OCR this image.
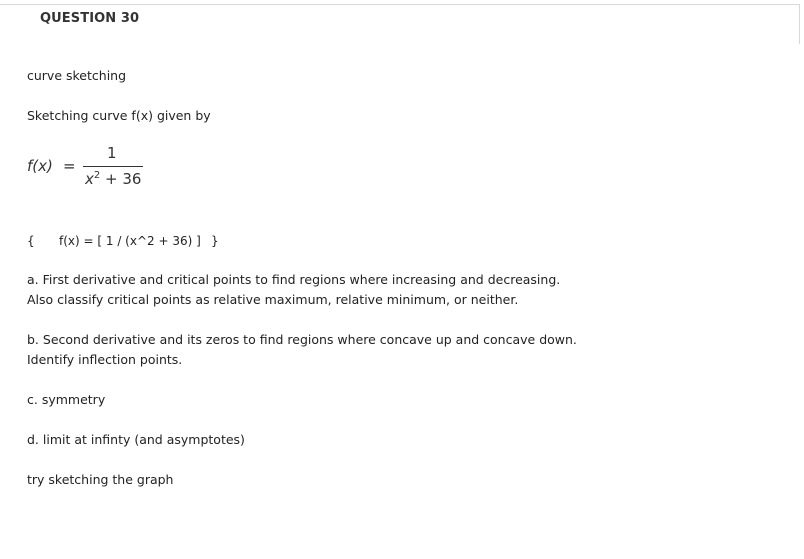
QUESTION 30
curve sketching
Sketching curve f(x) given by
f(x) =
1
$x^2 + 36$
{ f(x) = [ 1 / (x^2 + 36) ] }
a. First derivative and critical points to find regions where increasing and decreasing.
Also classify critical points as relative maximum, relative minimum, or neither.
b. Second derivative and its zeros to find regions where concave up and concave down.
Identify inflection points.
c. symmetry
d. limit at infinty (and asymptotes)
try sketching the graph
